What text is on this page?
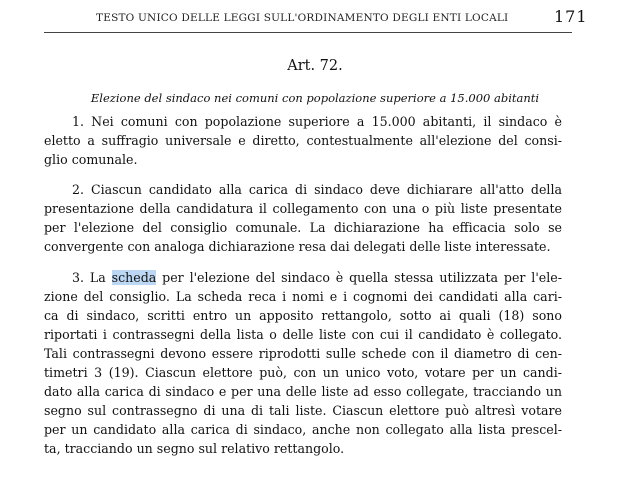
TESTO UNICO DELLE LEGGI SULL'ORDINAMENTO DEGLI ENTI LOCALI	171
Art. 72.
Elezione del sindaco nei comuni con popolazione superiore a 15.000 abitanti
1. Nei comuni con popolazione superiore a 15.000 abitanti, il sindaco è
eletto a suffragio universale e diretto, contestualmente all'elezione del consi-
glio comunale.
2. Ciascun candidato alla carica di sindaco deve dichiarare all'atto della
presentazione della candidatura il collegamento con una o più liste presentate
per l'elezione del consiglio comunale. La dichiarazione ha efficacia solo se
convergente con analoga dichiarazione resa dai delegati delle liste interessate.
3. La scheda per l'elezione del sindaco è quella stessa utilizzata per l'ele-
zione del consiglio. La scheda reca i nomi e i cognomi dei candidati alla cari-
ca di sindaco, scritti entro un apposito rettangolo, sotto ai quali (18) sono
riportati i contrassegni della lista o delle liste con cui il candidato è collegato.
Tali contrassegni devono essere riprodotti sulle schede con il diametro di cen-
timetri 3 (19). Ciascun elettore può, con un unico voto, votare per un candi-
dato alla carica di sindaco e per una delle liste ad esso collegate, tracciando un
segno sul contrassegno di una di tali liste. Ciascun elettore può altresì votare
per un candidato alla carica di sindaco, anche non collegato alla lista prescel-
ta, tracciando un segno sul relativo rettangolo.
